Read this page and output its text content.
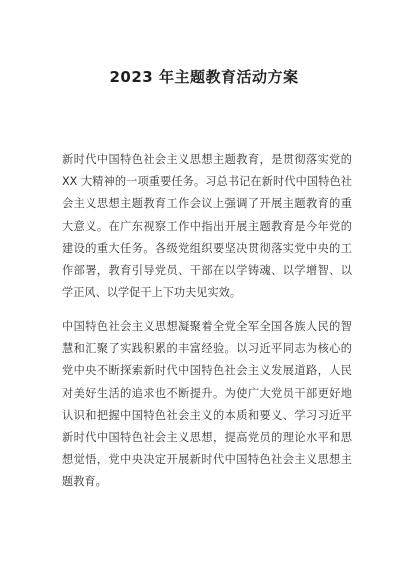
2023 年主题教育活动方案
新时代中国特色社会主义思想主题教育，是贯彻落实党的
XX 大精神的一项重要任务。习总书记在新时代中国特色社
会主义思想主题教育工作会议上强调了开展主题教育的重
大意义。在广东视察工作中指出开展主题教育是今年党的
建设的重大任务。各级党组织要坚决贯彻落实党中央的工
作部署，教育引导党员、干部在以学铸魂、以学增智、以
学正风、以学促干上下功夫见实效。
中国特色社会主义思想凝聚着全党全军全国各族人民的智
慧和汇聚了实践积累的丰富经验。以习近平同志为核心的
党中央不断探索新时代中国特色社会主义发展道路，人民
对美好生活的追求也不断提升。为使广大党员干部更好地
认识和把握中国特色社会主义的本质和要义、学习习近平
新时代中国特色社会主义思想，提高党员的理论水平和思
想觉悟，党中央决定开展新时代中国特色社会主义思想主
题教育。
